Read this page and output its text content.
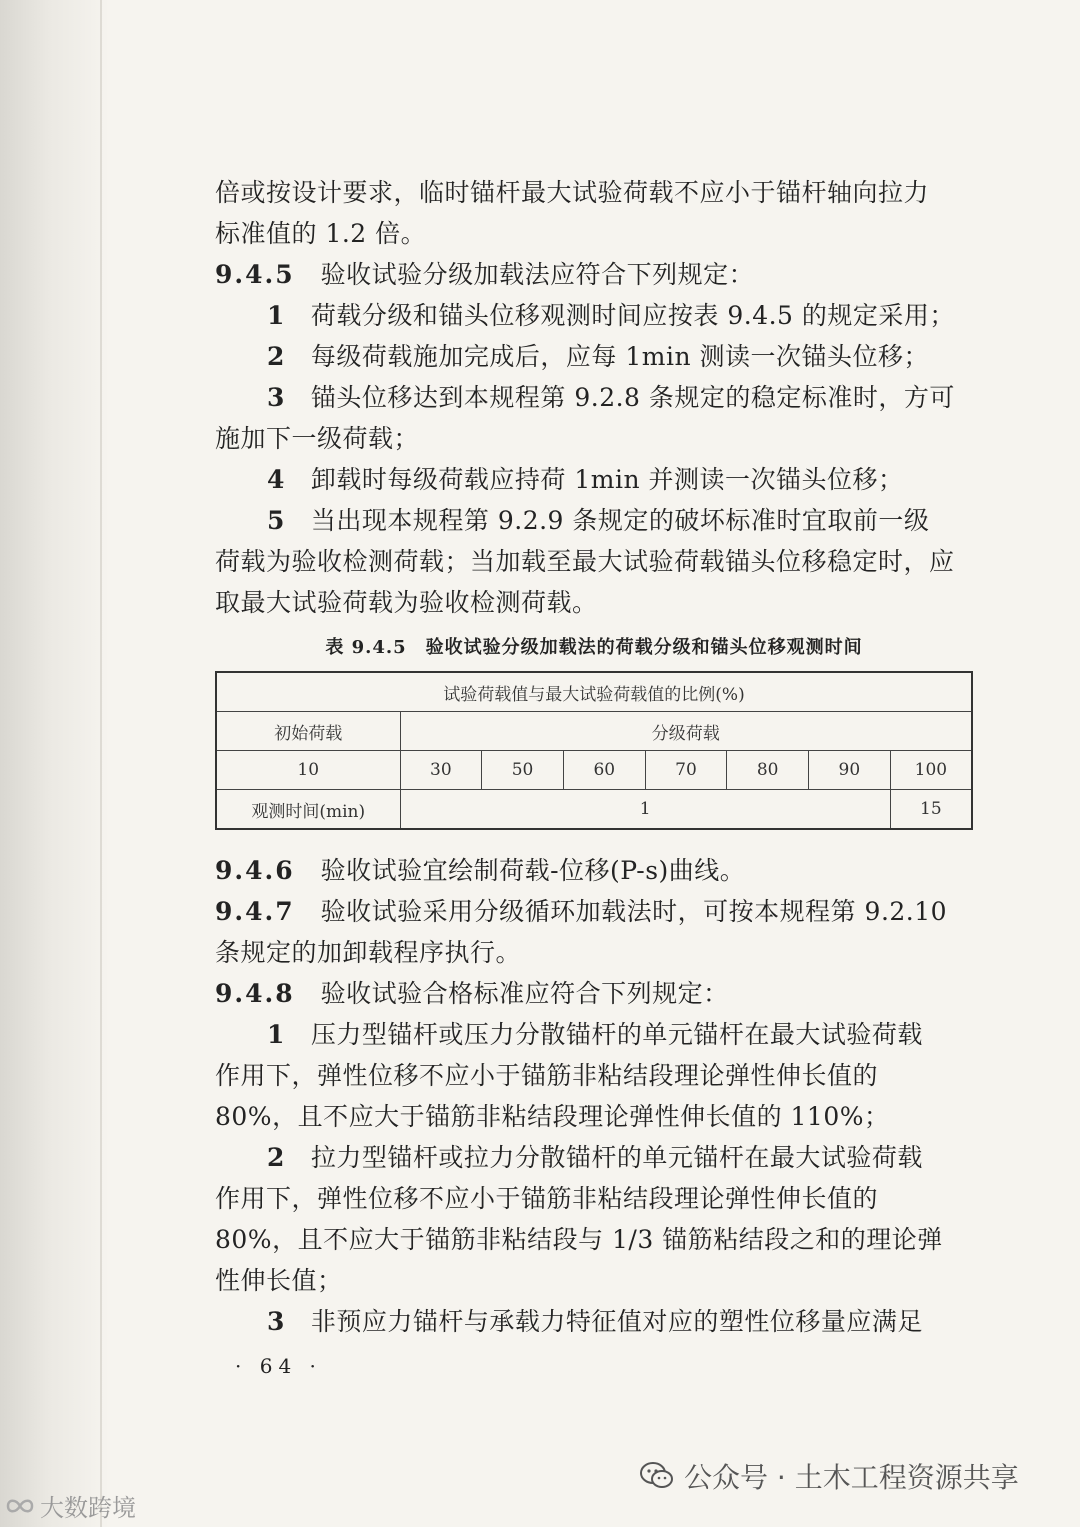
倍或按设计要求，临时锚杆最大试验荷载不应小于锚杆轴向拉力
标准值的 1.2 倍。
9.4.5 验收试验分级加载法应符合下列规定：
1 荷载分级和锚头位移观测时间应按表 9.4.5 的规定采用；
2 每级荷载施加完成后，应每 1min 测读一次锚头位移；
3 锚头位移达到本规程第 9.2.8 条规定的稳定标准时，方可
施加下一级荷载；
4 卸载时每级荷载应持荷 1min 并测读一次锚头位移；
5 当出现本规程第 9.2.9 条规定的破坏标准时宜取前一级
荷载为验收检测荷载；当加载至最大试验荷载锚头位移稳定时，应
取最大试验荷载为验收检测荷载。
表 9.4.5　验收试验分级加载法的荷载分级和锚头位移观测时间
试验荷载值与最大试验荷载值的比例(%)							
初始荷载	分级荷载						
10	30	50	60	70	80	90	100
观测时间(min)	1						15
9.4.6 验收试验宜绘制荷载-位移(P-s)曲线。
9.4.7 验收试验采用分级循环加载法时，可按本规程第 9.2.10
条规定的加卸载程序执行。
9.4.8 验收试验合格标准应符合下列规定：
1 压力型锚杆或压力分散锚杆的单元锚杆在最大试验荷载
作用下，弹性位移不应小于锚筋非粘结段理论弹性伸长值的
80%，且不应大于锚筋非粘结段理论弹性伸长值的 110%；
2 拉力型锚杆或拉力分散锚杆的单元锚杆在最大试验荷载
作用下，弹性位移不应小于锚筋非粘结段理论弹性伸长值的
80%，且不应大于锚筋非粘结段与 1/3 锚筋粘结段之和的理论弹
性伸长值；
3 非预应力锚杆与承载力特征值对应的塑性位移量应满足
· 64 ·
公众号 · 土木工程资源共享
大数跨境
